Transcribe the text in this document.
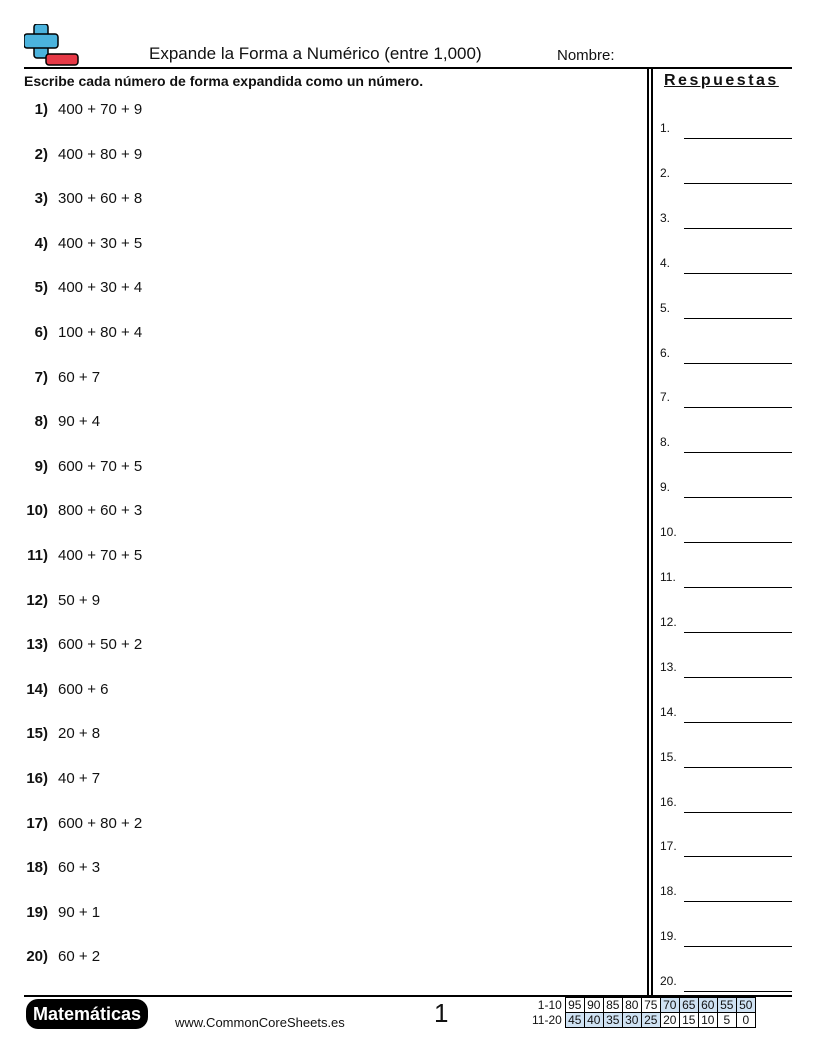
Expande la Forma a Numérico (entre 1,000)	Nombre:
Escribe cada número de forma expandida como un número.
1) 400 + 70 + 9
2) 400 + 80 + 9
3) 300 + 60 + 8
4) 400 + 30 + 5
5) 400 + 30 + 4
6) 100 + 80 + 4
7) 60 + 7
8) 90 + 4
9) 600 + 70 + 5
10) 800 + 60 + 3
11) 400 + 70 + 5
12) 50 + 9
13) 600 + 50 + 2
14) 600 + 6
15) 20 + 8
16) 40 + 7
17) 600 + 80 + 2
18) 60 + 3
19) 90 + 1
20) 60 + 2
Respuestas
1.
2.
3.
4.
5.
6.
7.
8.
9.
10.
11.
12.
13.
14.
15.
16.
17.
18.
19.
20.
Matemáticas	www.CommonCoreSheets.es	1	1-10	95	90	85	80	75	70	65	60	55	50
11-20	45	40	35	30	25	20	15	10	5	0
